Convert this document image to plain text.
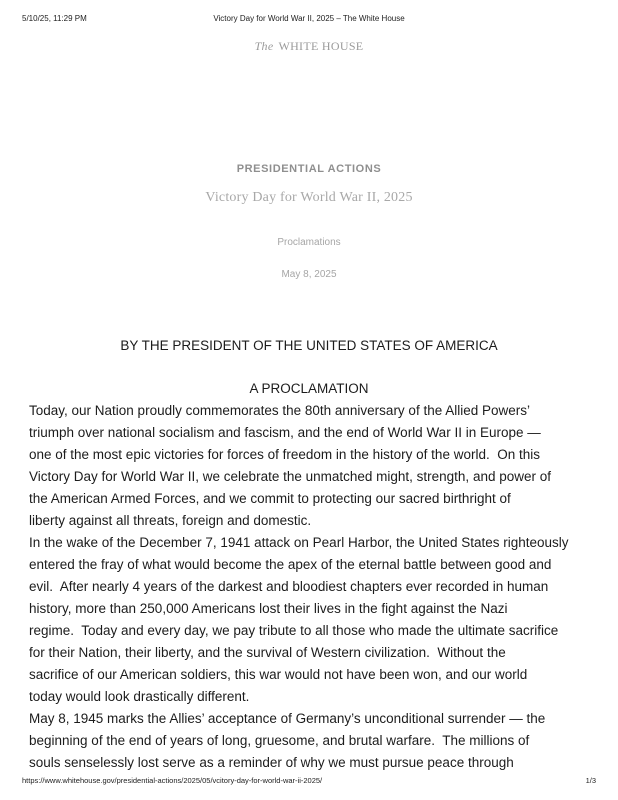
5/10/25, 11:29 PM	Victory Day for World War II, 2025 – The White House
The WHITE HOUSE
PRESIDENTIAL ACTIONS
Victory Day for World War II, 2025
Proclamations
May 8, 2025
BY THE PRESIDENT OF THE UNITED STATES OF AMERICA
A PROCLAMATION

Today, our Nation proudly commemorates the 80th anniversary of the Allied Powers’
triumph over national socialism and fascism, and the end of World War II in Europe —
one of the most epic victories for forces of freedom in the history of the world.  On this
Victory Day for World War II, we celebrate the unmatched might, strength, and power of
the American Armed Forces, and we commit to protecting our sacred birthright of
liberty against all threats, foreign and domestic.

In the wake of the December 7, 1941 attack on Pearl Harbor, the United States righteously
entered the fray of what would become the apex of the eternal battle between good and
evil.  After nearly 4 years of the darkest and bloodiest chapters ever recorded in human
history, more than 250,000 Americans lost their lives in the fight against the Nazi
regime.  Today and every day, we pay tribute to all those who made the ultimate sacrifice
for their Nation, their liberty, and the survival of Western civilization.  Without the
sacrifice of our American soldiers, this war would not have been won, and our world
today would look drastically different.

May 8, 1945 marks the Allies’ acceptance of Germany’s unconditional surrender — the
beginning of the end of years of long, gruesome, and brutal warfare.  The millions of
souls senselessly lost serve as a reminder of why we must pursue peace through

https://www.whitehouse.gov/presidential-actions/2025/05/vcitory-day-for-world-war-ii-2025/	1/3
